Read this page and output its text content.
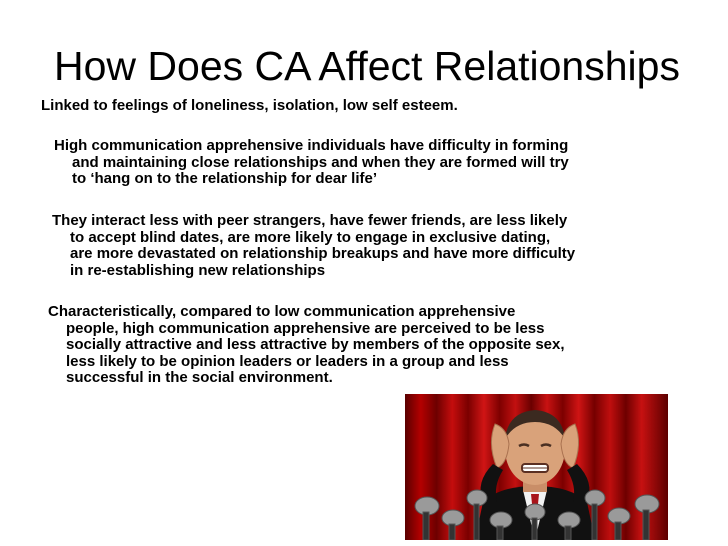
How Does CA Affect Relationships

Linked to feelings of loneliness, isolation, low self esteem.

High communication apprehensive individuals have difficulty in forming
and maintaining close relationships and when they are formed will try
to ‘hang on to the relationship for dear life’

They interact less with peer strangers, have fewer friends, are less likely
to accept blind dates, are more likely to engage in exclusive dating,
are more devastated on relationship breakups and have more difficulty
in re-establishing new relationships

Characteristically, compared to low communication apprehensive
people, high communication apprehensive are perceived to be less
socially attractive and less attractive by members of the opposite sex,
less likely to be opinion leaders or leaders in a group and less
successful in the social environment.
